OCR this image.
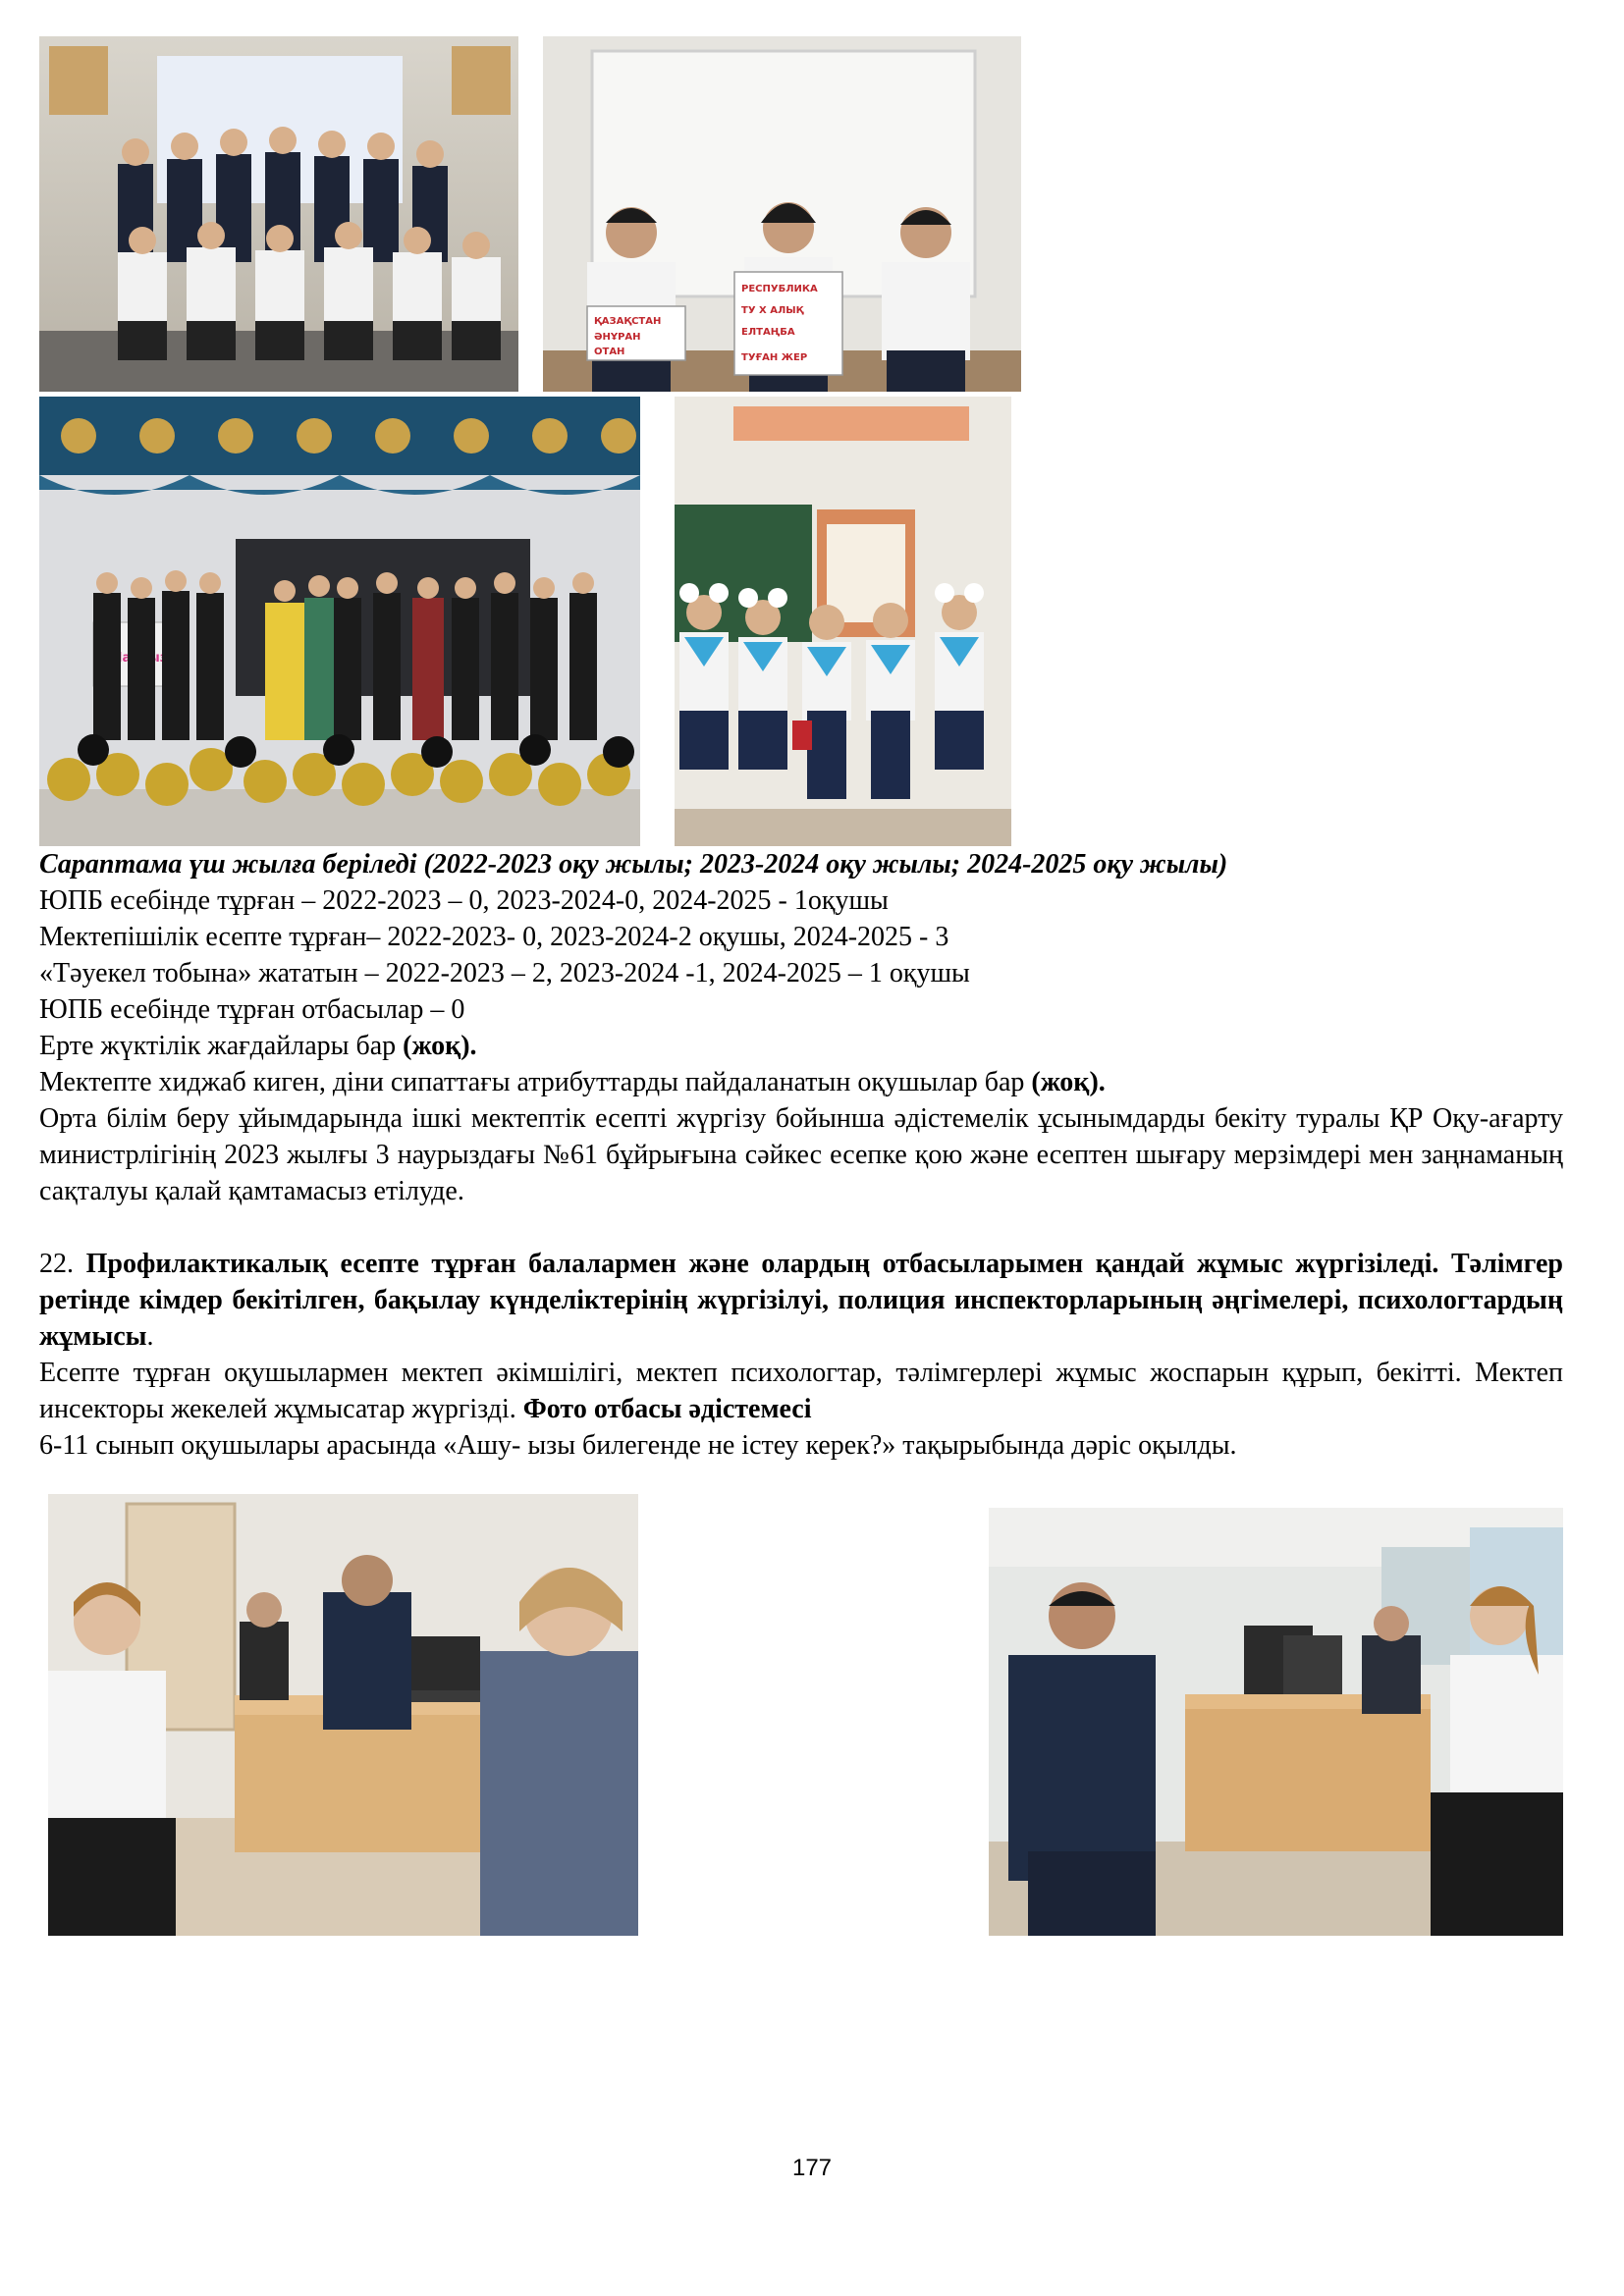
ҚАЗАҚСТАН
ӘНҰРАН
ОТАН
РЕСПУБЛИКА
ТУ Х АЛЫҚ
ЕЛТАҢБА
ТУҒАН ЖЕР
Сараптама үш жылға беріледі (2022-2023 оқу жылы; 2023-2024 оқу жылы; 2024-2025 оқу жылы)
ЮПБ есебінде тұрған – 2022-2023 – 0, 2023-2024-0, 2024-2025 - 1оқушы
Мектепішілік есепте тұрған– 2022-2023- 0, 2023-2024-2 оқушы, 2024-2025 - 3
«Тәуекел тобына» жататын – 2022-2023 – 2, 2023-2024 -1, 2024-2025 – 1 оқушы
ЮПБ есебінде тұрған отбасылар – 0
Ерте жүктілік жағдайлары бар (жоқ).
Мектепте хиджаб киген, діни сипаттағы атрибуттарды пайдаланатын оқушылар бар (жоқ).
Орта білім беру ұйымдарында ішкі мектептік есепті жүргізу бойынша әдістемелік ұсынымдарды бекіту туралы ҚР Оқу-ағарту министрлігінің 2023 жылғы 3 наурыздағы №61 бұйрығына сәйкес есепке қою және есептен шығару мерзімдері мен заңнаманың сақталуы қалай қамтамасыз етілуде.
22. Профилактикалық есепте тұрған балалармен және олардың отбасыларымен қандай жұмыс жүргізіледі. Тәлімгер ретінде кімдер бекітілген, бақылау күнделіктерінің жүргізілуі, полиция инспекторларының әңгімелері, психологтардың жұмысы.
Есепте тұрған оқушылармен мектеп әкімшілігі, мектеп психологтар, тәлімгерлері жұмыс жоспарын құрып, бекітті. Мектеп инсекторы жекелей жұмысатар жүргізді. Фото отбасы әдістемесі
6-11 сынып оқушылары арасында «Ашу- ызы билегенде не істеу керек?» тақырыбында дәріс оқылды.
177
